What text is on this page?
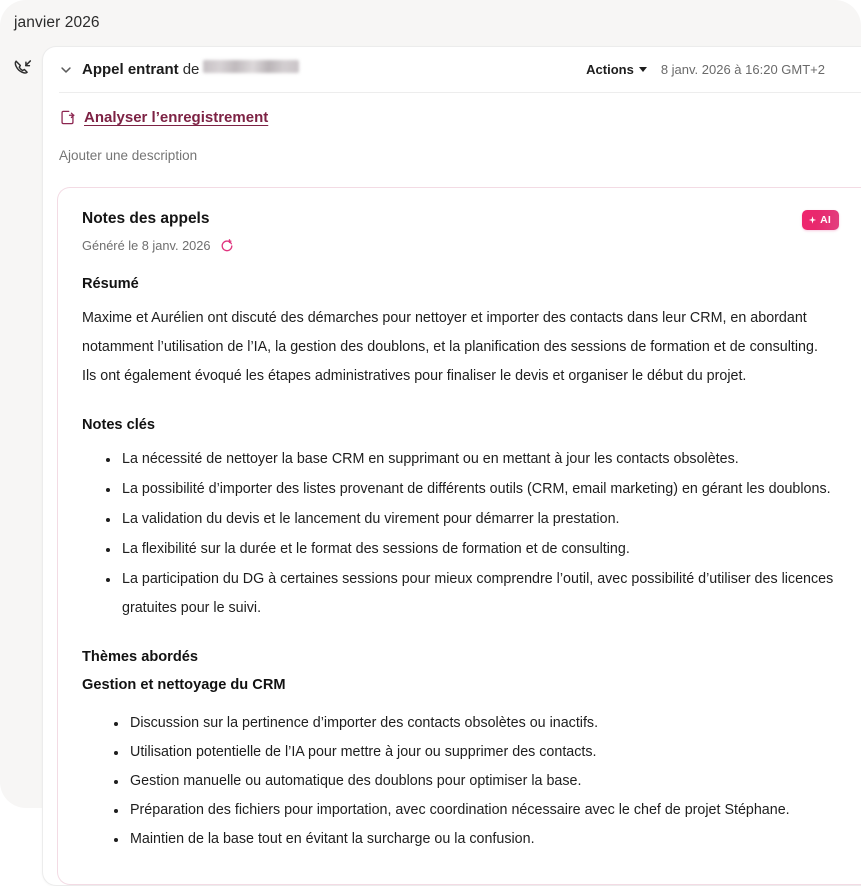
janvier 2026
Appel entrant de	Actions 8 janv. 2026 à 16:20 GMT+2
Analyser l’enregistrement
Ajouter une description
AI
Notes des appels
Généré le 8 janv. 2026
Résumé

Maxime et Aurélien ont discuté des démarches pour nettoyer et importer des contacts dans leur CRM, en abordant notamment l’utilisation de l’IA, la gestion des doublons, et la planification des sessions de formation et de consulting. Ils ont également évoqué les étapes administratives pour finaliser le devis et organiser le début du projet.

Notes clés
La nécessité de nettoyer la base CRM en supprimant ou en mettant à jour les contacts obsolètes.
La possibilité d’importer des listes provenant de différents outils (CRM, email marketing) en gérant les doublons.
La validation du devis et le lancement du virement pour démarrer la prestation.
La flexibilité sur la durée et le format des sessions de formation et de consulting.
La participation du DG à certaines sessions pour mieux comprendre l’outil, avec possibilité d’utiliser des licences gratuites pour le suivi.
Thèmes abordés
Gestion et nettoyage du CRM
Discussion sur la pertinence d’importer des contacts obsolètes ou inactifs.
Utilisation potentielle de l’IA pour mettre à jour ou supprimer des contacts.
Gestion manuelle ou automatique des doublons pour optimiser la base.
Préparation des fichiers pour importation, avec coordination nécessaire avec le chef de projet Stéphane.
Maintien de la base tout en évitant la surcharge ou la confusion.
